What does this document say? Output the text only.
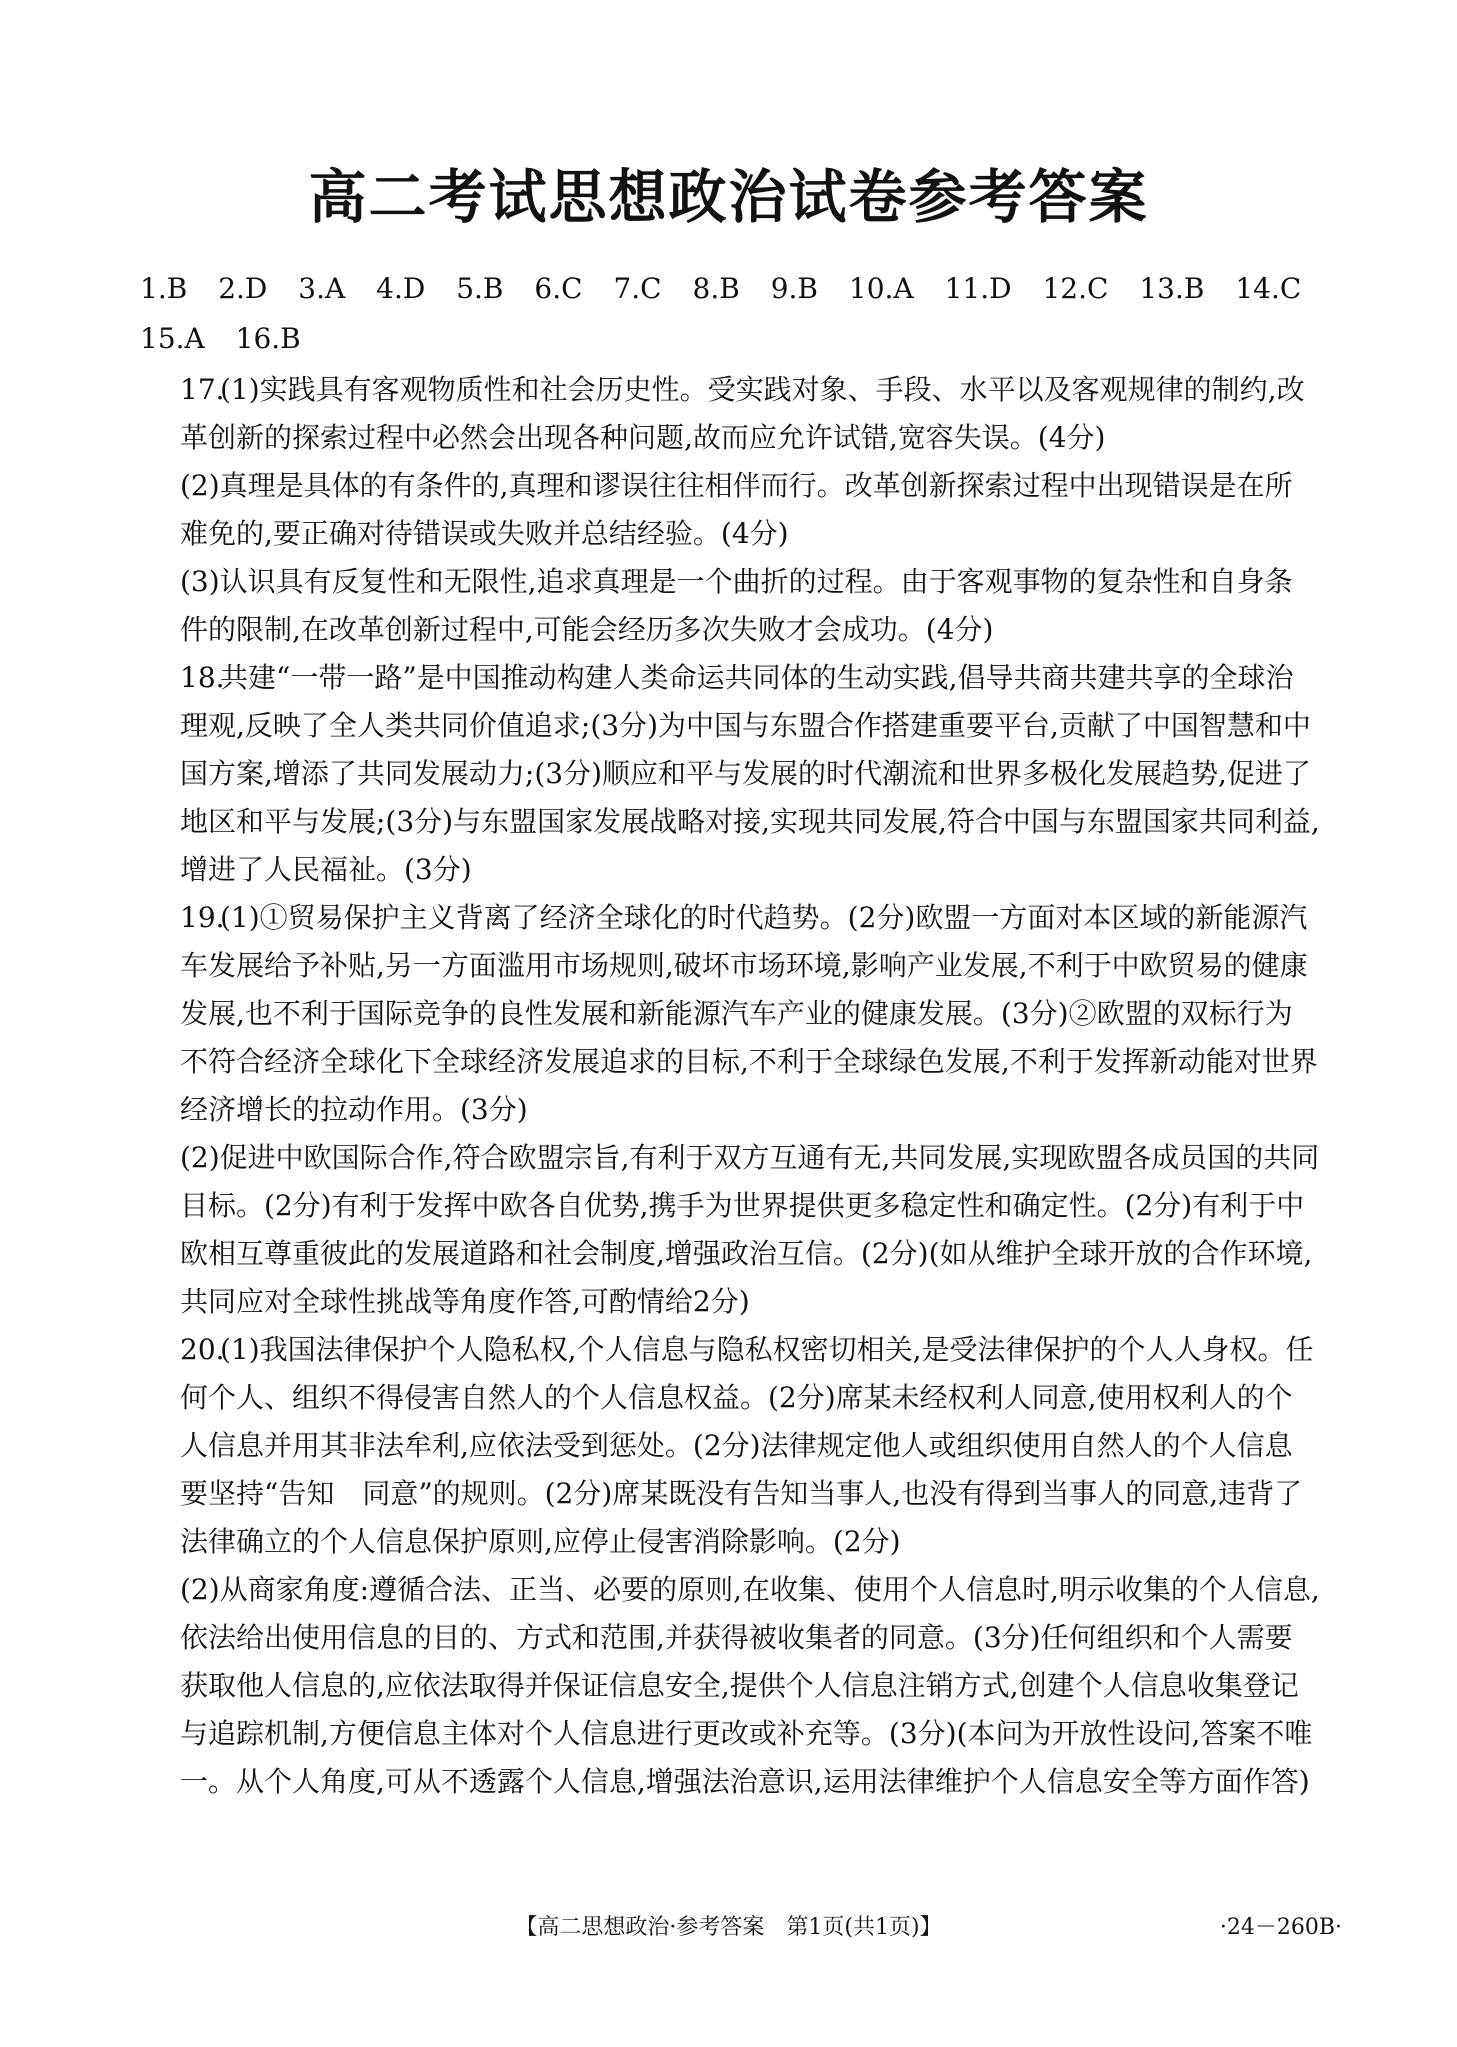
高二考试思想政治试卷参考答案
1.B 2.D 3.A 4.D 5.B 6.C 7.C 8.B 9.B 10.A 11.D 12.C 13.B 14.C
15.A 16.B

17.(1)实践具有客观物质性和社会历史性。受实践对象、手段、水平以及客观规律的制约,改革创新的探索过程中必然会出现各种问题,故而应允许试错,宽容失误。(4分)

(2)真理是具体的有条件的,真理和谬误往往相伴而行。改革创新探索过程中出现错误是在所难免的,要正确对待错误或失败并总结经验。(4分)

(3)认识具有反复性和无限性,追求真理是一个曲折的过程。由于客观事物的复杂性和自身条件的限制,在改革创新过程中,可能会经历多次失败才会成功。(4分)

18.共建“一带一路”是中国推动构建人类命运共同体的生动实践,倡导共商共建共享的全球治理观,反映了全人类共同价值追求;(3分)为中国与东盟合作搭建重要平台,贡献了中国智慧和中国方案,增添了共同发展动力;(3分)顺应和平与发展的时代潮流和世界多极化发展趋势,促进了地区和平与发展;(3分)与东盟国家发展战略对接,实现共同发展,符合中国与东盟国家共同利益,增进了人民福祉。(3分)

19.(1)①贸易保护主义背离了经济全球化的时代趋势。(2分)欧盟一方面对本区域的新能源汽车发展给予补贴,另一方面滥用市场规则,破坏市场环境,影响产业发展,不利于中欧贸易的健康发展,也不利于国际竞争的良性发展和新能源汽车产业的健康发展。(3分)②欧盟的双标行为不符合经济全球化下全球经济发展追求的目标,不利于全球绿色发展,不利于发挥新动能对世界经济增长的拉动作用。(3分)

(2)促进中欧国际合作,符合欧盟宗旨,有利于双方互通有无,共同发展,实现欧盟各成员国的共同目标。(2分)有利于发挥中欧各自优势,携手为世界提供更多稳定性和确定性。(2分)有利于中欧相互尊重彼此的发展道路和社会制度,增强政治互信。(2分)(如从维护全球开放的合作环境,共同应对全球性挑战等角度作答,可酌情给2分)

20.(1)我国法律保护个人隐私权,个人信息与隐私权密切相关,是受法律保护的个人人身权。任何个人、组织不得侵害自然人的个人信息权益。(2分)席某未经权利人同意,使用权利人的个人信息并用其非法牟利,应依法受到惩处。(2分)法律规定他人或组织使用自然人的个人信息要坚持“告知　同意”的规则。(2分)席某既没有告知当事人,也没有得到当事人的同意,违背了法律确立的个人信息保护原则,应停止侵害消除影响。(2分)

(2)从商家角度:遵循合法、正当、必要的原则,在收集、使用个人信息时,明示收集的个人信息,依法给出使用信息的目的、方式和范围,并获得被收集者的同意。(3分)任何组织和个人需要获取他人信息的,应依法取得并保证信息安全,提供个人信息注销方式,创建个人信息收集登记与追踪机制,方便信息主体对个人信息进行更改或补充等。(3分)(本问为开放性设问,答案不唯一。从个人角度,可从不透露个人信息,增强法治意识,运用法律维护个人信息安全等方面作答)

【高二思想政治·参考答案　第1页(共1页)】	·24－260B·
